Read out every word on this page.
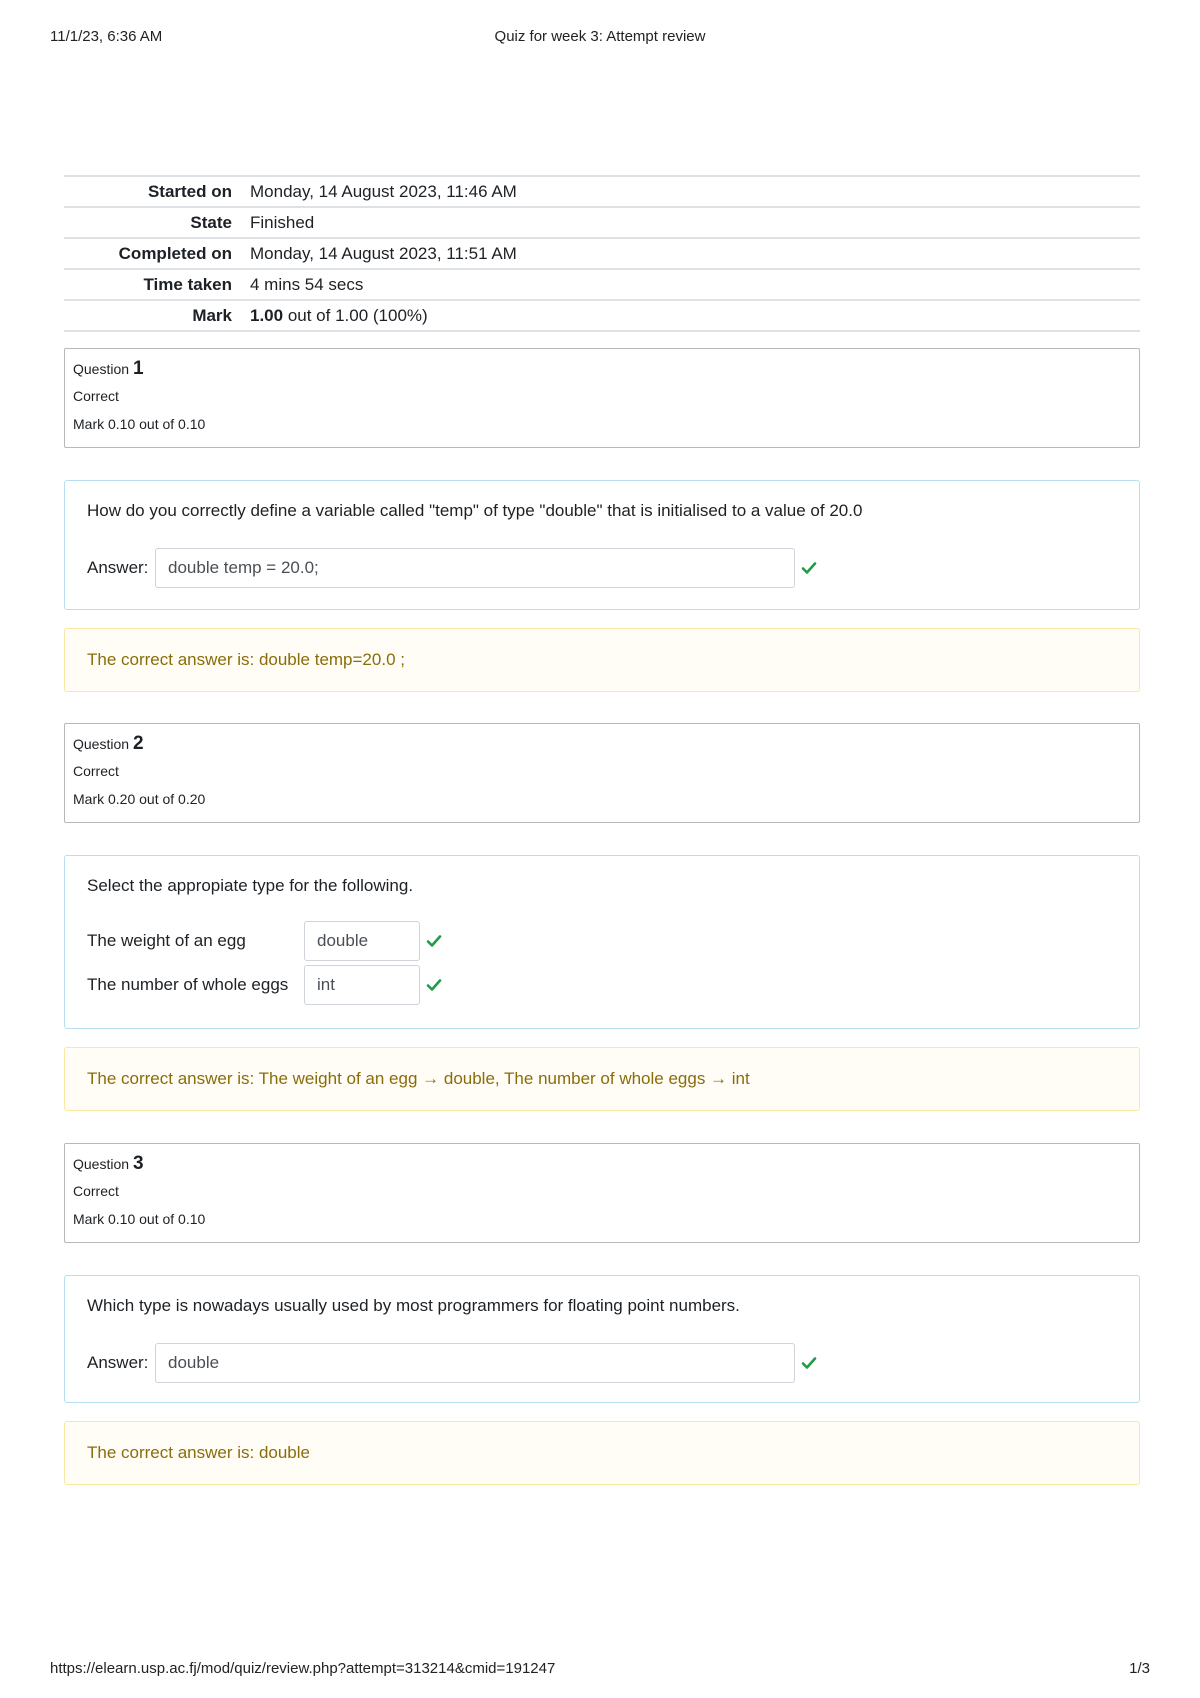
11/1/23, 6:36 AM	Quiz for week 3: Attempt review
Started on	Monday, 14 August 2023, 11:46 AM
State	Finished
Completed on	Monday, 14 August 2023, 11:51 AM
Time taken	4 mins 54 secs
Mark	1.00 out of 1.00 (100%)
Question 1
Correct
Mark 0.10 out of 0.10
How do you correctly define a variable called "temp" of type "double" that is initialised to a value of 20.0
Answer:	double temp = 20.0;
The correct answer is: double temp=20.0 ;
Question 2
Correct
Mark 0.20 out of 0.20
Select the appropiate type for the following.
The weight of an egg	double
The number of whole eggs	int
The correct answer is: The weight of an egg → double, The number of whole eggs → int
Question 3
Correct
Mark 0.10 out of 0.10
Which type is nowadays usually used by most programmers for floating point numbers.
Answer:	double
The correct answer is: double
https://elearn.usp.ac.fj/mod/quiz/review.php?attempt=313214&cmid=191247	1/3
